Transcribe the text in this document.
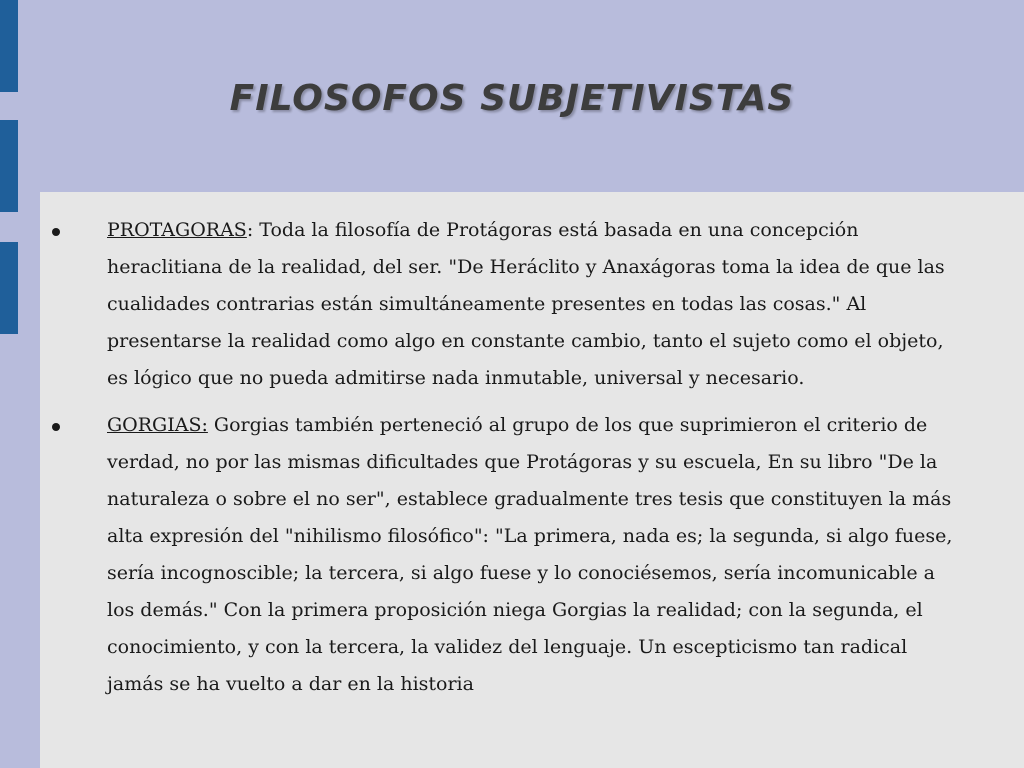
FILOSOFOS SUBJETIVISTAS
PROTAGORAS: Toda la filosofía de Protágoras está basada en una concepción heraclitiana de la realidad, del ser. "De Heráclito y Anaxágoras toma la idea de que las cualidades contrarias están simultáneamente presentes en todas las cosas." Al presentarse la realidad como algo en constante cambio, tanto el sujeto como el objeto, es lógico que no pueda admitirse nada inmutable, universal y necesario.
GORGIAS: Gorgias también perteneció al grupo de los que suprimieron el criterio de verdad, no por las mismas dificultades que Protágoras y su escuela, En su libro "De la naturaleza o sobre el no ser", establece gradualmente tres tesis que constituyen la más alta expresión del "nihilismo filosófico": "La primera, nada es; la segunda, si algo fuese, sería incognoscible; la tercera, si algo fuese y lo conociésemos, sería incomunicable a los demás." Con la primera proposición niega Gorgias la realidad; con la segunda, el conocimiento, y con la tercera, la validez del lenguaje. Un escepticismo tan radical jamás se ha vuelto a dar en la historia
